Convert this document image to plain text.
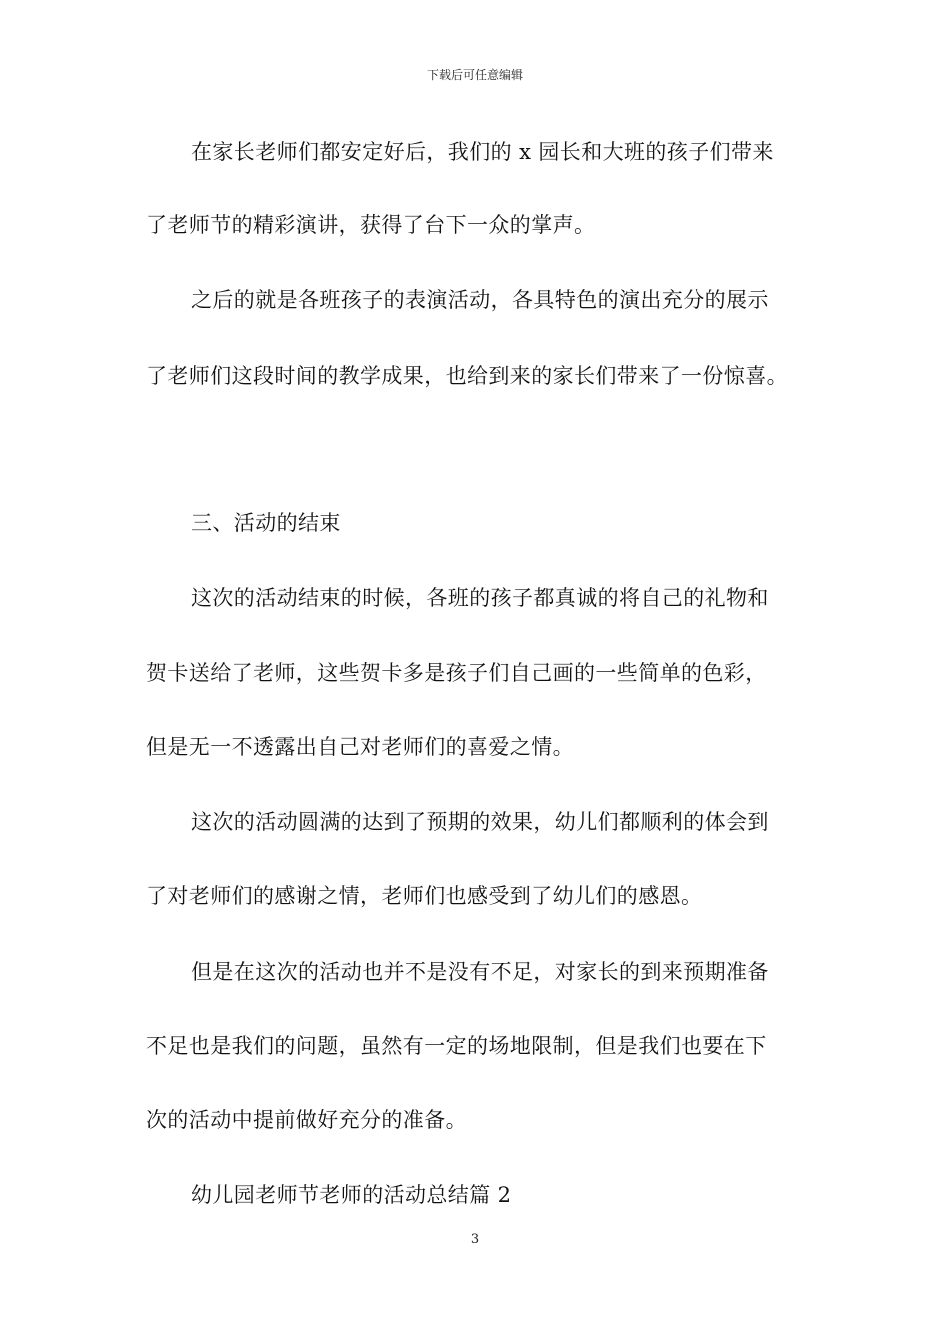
下载后可任意编辑
在家长老师们都安定好后，我们的 x 园长和大班的孩子们带来
了老师节的精彩演讲，获得了台下一众的掌声。
之后的就是各班孩子的表演活动，各具特色的演出充分的展示
了老师们这段时间的教学成果，也给到来的家长们带来了一份惊喜。
三、活动的结束
这次的活动结束的时候，各班的孩子都真诚的将自己的礼物和
贺卡送给了老师，这些贺卡多是孩子们自己画的一些简单的色彩，
但是无一不透露出自己对老师们的喜爱之情。
这次的活动圆满的达到了预期的效果，幼儿们都顺利的体会到
了对老师们的感谢之情，老师们也感受到了幼儿们的感恩。
但是在这次的活动也并不是没有不足，对家长的到来预期准备
不足也是我们的问题，虽然有一定的场地限制，但是我们也要在下
次的活动中提前做好充分的准备。
幼儿园老师节老师的活动总结篇 2
3
